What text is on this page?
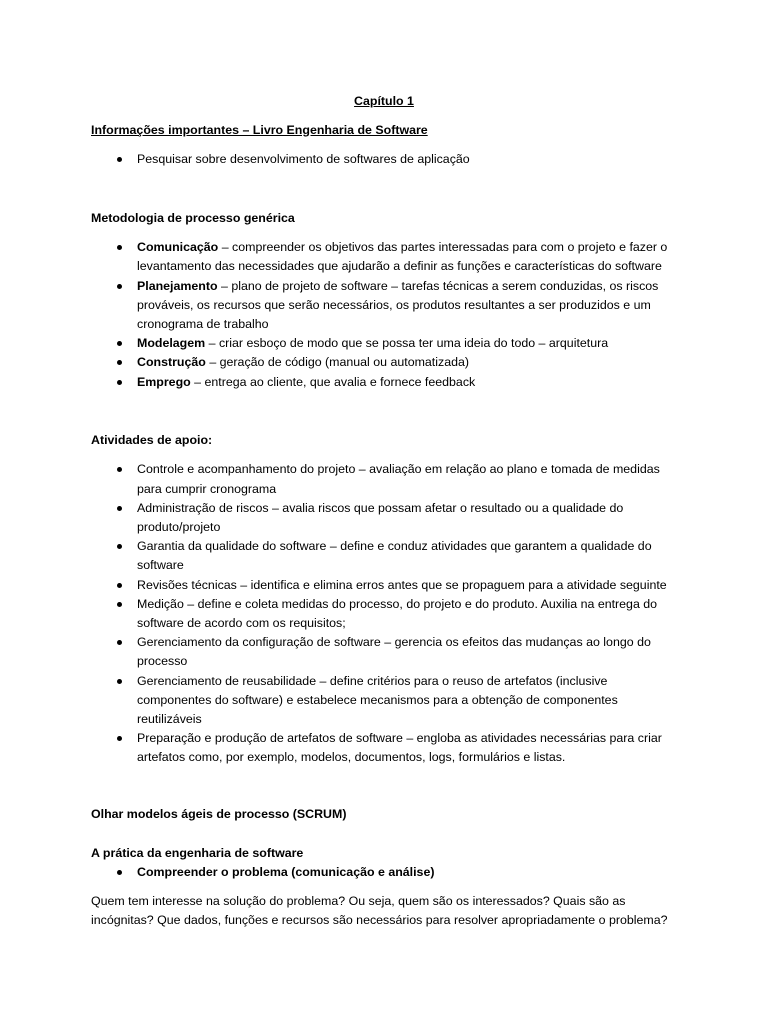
Capítulo 1
Informações importantes – Livro Engenharia de Software
Pesquisar sobre desenvolvimento de softwares de aplicação
Metodologia de processo genérica
Comunicação – compreender os objetivos das partes interessadas para com o projeto e fazer o
levantamento das necessidades que ajudarão a definir as funções e características do software
Planejamento – plano de projeto de software – tarefas técnicas a serem conduzidas, os riscos
prováveis, os recursos que serão necessários, os produtos resultantes a ser produzidos e um
cronograma de trabalho
Modelagem – criar esboço de modo que se possa ter uma ideia do todo – arquitetura
Construção – geração de código (manual ou automatizada)
Emprego – entrega ao cliente, que avalia e fornece feedback
Atividades de apoio:
Controle e acompanhamento do projeto – avaliação em relação ao plano e tomada de medidas
para cumprir cronograma
Administração de riscos – avalia riscos que possam afetar o resultado ou a qualidade do
produto/projeto
Garantia da qualidade do software – define e conduz atividades que garantem a qualidade do
software
Revisões técnicas – identifica e elimina erros antes que se propaguem para a atividade seguinte
Medição – define e coleta medidas do processo, do projeto e do produto. Auxilia na entrega do
software de acordo com os requisitos;
Gerenciamento da configuração de software – gerencia os efeitos das mudanças ao longo do
processo
Gerenciamento de reusabilidade – define critérios para o reuso de artefatos (inclusive
componentes do software) e estabelece mecanismos para a obtenção de componentes
reutilizáveis
Preparação e produção de artefatos de software – engloba as atividades necessárias para criar
artefatos como, por exemplo, modelos, documentos, logs, formulários e listas.
Olhar modelos ágeis de processo (SCRUM)
A prática da engenharia de software
Compreender o problema (comunicação e análise)
Quem tem interesse na solução do problema? Ou seja, quem são os interessados? Quais são as
incógnitas? Que dados, funções e recursos são necessários para resolver apropriadamente o problema?
